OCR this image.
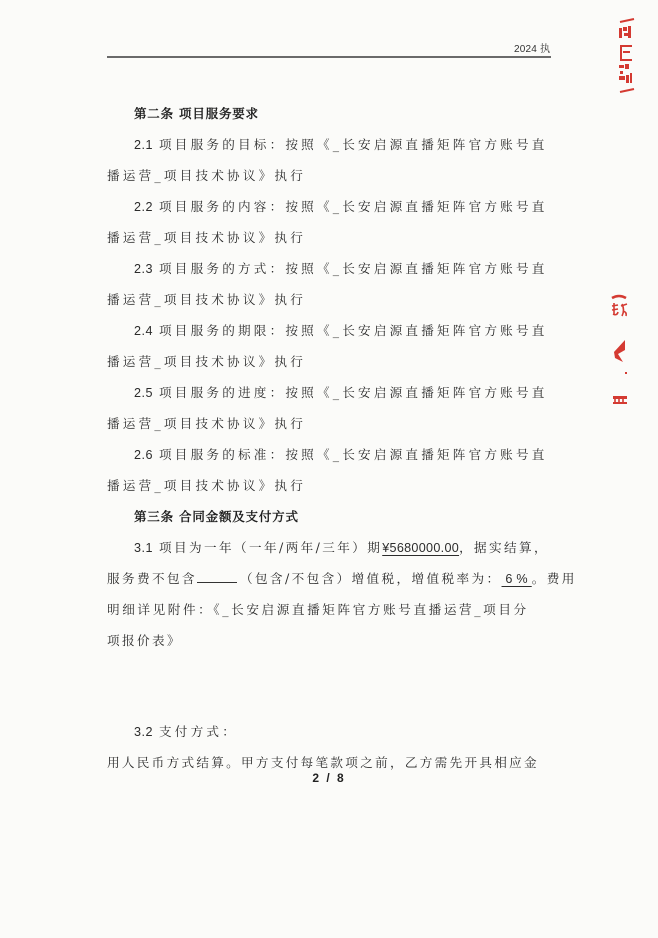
2024 执
第二条 项目服务要求
2.1 项目服务的目标：按照《_长安启源直播矩阵官方账号直
播运营_项目技术协议》执行
2.2 项目服务的内容：按照《_长安启源直播矩阵官方账号直
播运营_项目技术协议》执行
2.3 项目服务的方式：按照《_长安启源直播矩阵官方账号直
播运营_项目技术协议》执行
2.4 项目服务的期限：按照《_长安启源直播矩阵官方账号直
播运营_项目技术协议》执行
2.5 项目服务的进度：按照《_长安启源直播矩阵官方账号直
播运营_项目技术协议》执行
2.6 项目服务的标准：按照《_长安启源直播矩阵官方账号直
播运营_项目技术协议》执行
第三条 合同金额及支付方式
3.1 项目为一年（一年/两年/三年）期¥5680000.00，据实结算，
服务费不包含	（包含/不包含）增值税，增值税率为： 6 % 。费用
明细详见附件：《_长安启源直播矩阵官方账号直播运营_项目分
项报价表》
3.2 支付方式：
用人民币方式结算。甲方支付每笔款项之前，乙方需先开具相应金
2 / 8
